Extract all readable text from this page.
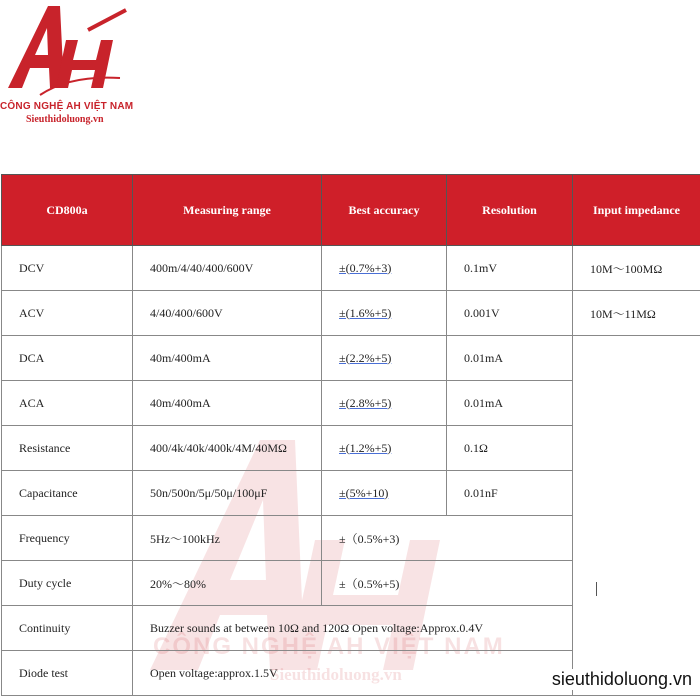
CÔNG NGHỆ AH VIỆT NAM
Sieuthidoluong.vn
CÔNG NGHỆ AH VIỆT NAM
Sieuthidoluong.vn
CD800a	Measuring range	Best accuracy	Resolution	Input impedance	
DCV	400m/4/40/400/600V	±(0.7%+3)	0.1mV	10M～100MΩ	
ACV	4/40/400/600V	±(1.6%+5)	0.001V	10M～11MΩ	
DCA	40m/400mA	±(2.2%+5)	0.01mA		
ACA	40m/400mA	±(2.8%+5)	0.01mA		
Resistance	400/4k/40k/400k/4M/40MΩ	±(1.2%+5)	0.1Ω		
Capacitance	50n/500n/5μ/50μ/100μF	±(5%+10)	0.01nF		
Frequency	5Hz～100kHz	±（0.5%+3)			
Duty cycle	20%～80%	±（0.5%+5)			
Continuity	Buzzer sounds at between 10Ω and 120Ω Open voltage:Approx.0.4V				
Diode test	Open voltage:approx.1.5V					sieuthidoluong.vn
